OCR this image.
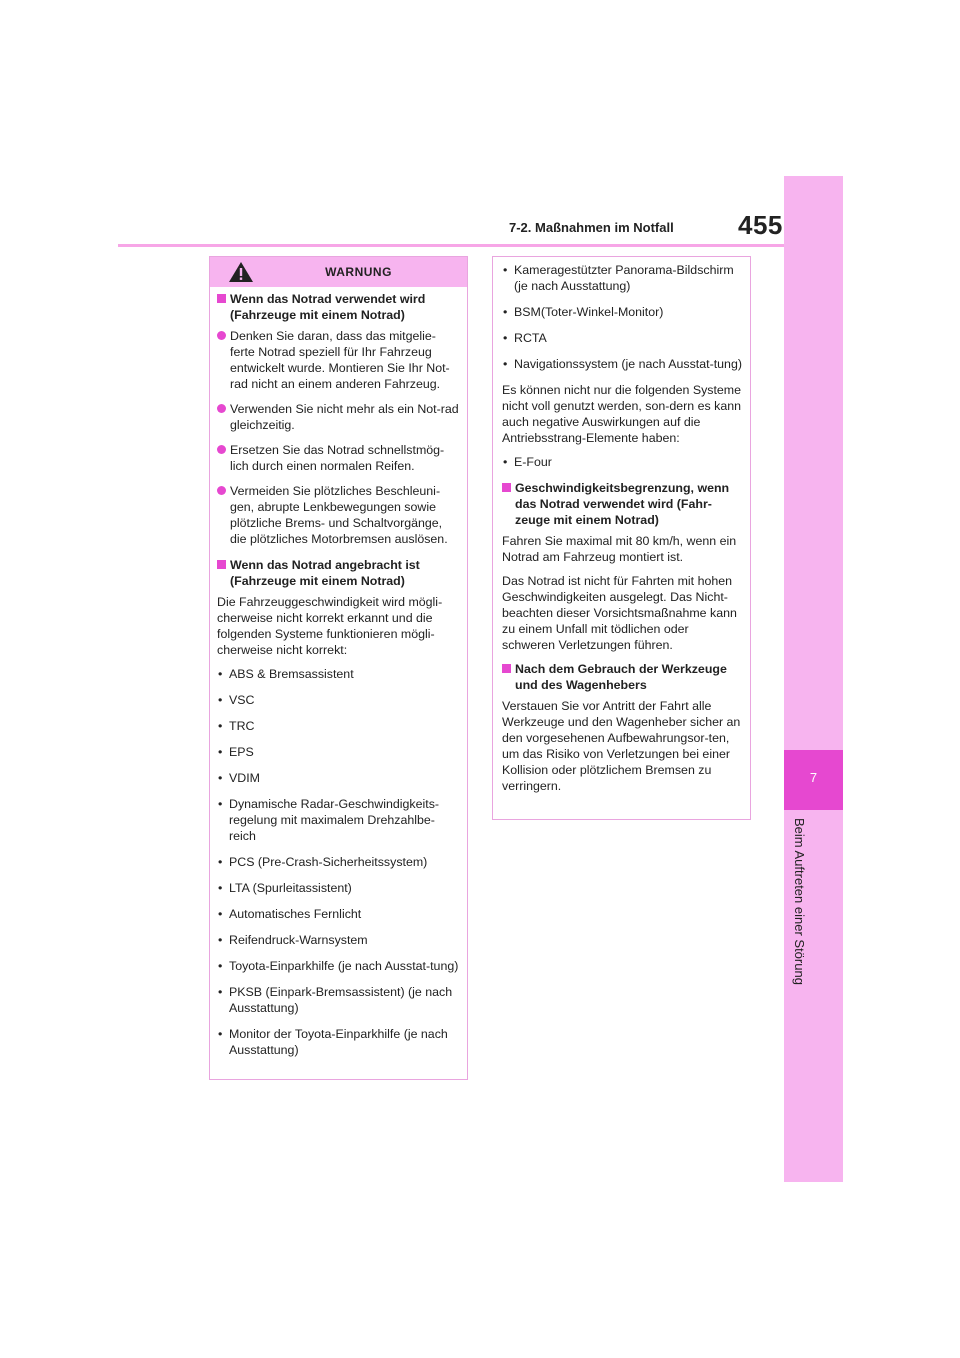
455
7-2. Maßnahmen im Notfall
7
Beim Auftreten einer Störung
WARNUNG
Wenn das Notrad verwendet wird (Fahrzeuge mit einem Notrad)
Denken Sie daran, dass das mitgelie-ferte Notrad speziell für Ihr Fahrzeug entwickelt wurde. Montieren Sie Ihr Not-rad nicht an einem anderen Fahrzeug.
Verwenden Sie nicht mehr als ein Not-rad gleichzeitig.
Ersetzen Sie das Notrad schnellstmög-lich durch einen normalen Reifen.
Vermeiden Sie plötzliches Beschleuni-gen, abrupte Lenkbewegungen sowie plötzliche Brems- und Schaltvorgänge, die plötzliches Motorbremsen auslösen.
Wenn das Notrad angebracht ist (Fahrzeuge mit einem Notrad)

Die Fahrzeuggeschwindigkeit wird mögli-cherweise nicht korrekt erkannt und die folgenden Systeme funktionieren mögli-cherweise nicht korrekt:

• ABS & Bremsassistent
• VSC
• TRC
• EPS
• VDIM
• Dynamische Radar-Geschwindigkeits-regelung mit maximalem Drehzahlbe-reich
• PCS (Pre-Crash-Sicherheitssystem)
• LTA (Spurleitassistent)
• Automatisches Fernlicht
• Reifendruck-Warnsystem
• Toyota-Einparkhilfe (je nach Ausstat-tung)
• PKSB (Einpark-Bremsassistent) (je nach Ausstattung)
• Monitor der Toyota-Einparkhilfe (je nach Ausstattung)
• Kameragestützter Panorama-Bildschirm (je nach Ausstattung)
• BSM(Toter-Winkel-Monitor)
• RCTA
• Navigationssystem (je nach Ausstat-tung)

Es können nicht nur die folgenden Systeme nicht voll genutzt werden, son-dern es kann auch negative Auswirkungen auf die Antriebsstrang-Elemente haben:

• E-Four
Geschwindigkeitsbegrenzung, wenn das Notrad verwendet wird (Fahr-zeuge mit einem Notrad)

Fahren Sie maximal mit 80 km/h, wenn ein Notrad am Fahrzeug montiert ist.

Das Notrad ist nicht für Fahrten mit hohen Geschwindigkeiten ausgelegt. Das Nicht-beachten dieser Vorsichtsmaßnahme kann zu einem Unfall mit tödlichen oder schweren Verletzungen führen.

Nach dem Gebrauch der Werkzeuge und des Wagenhebers

Verstauen Sie vor Antritt der Fahrt alle Werkzeuge und den Wagenheber sicher an den vorgesehenen Aufbewahrungsor-ten, um das Risiko von Verletzungen bei einer Kollision oder plötzlichem Bremsen zu verringern.
